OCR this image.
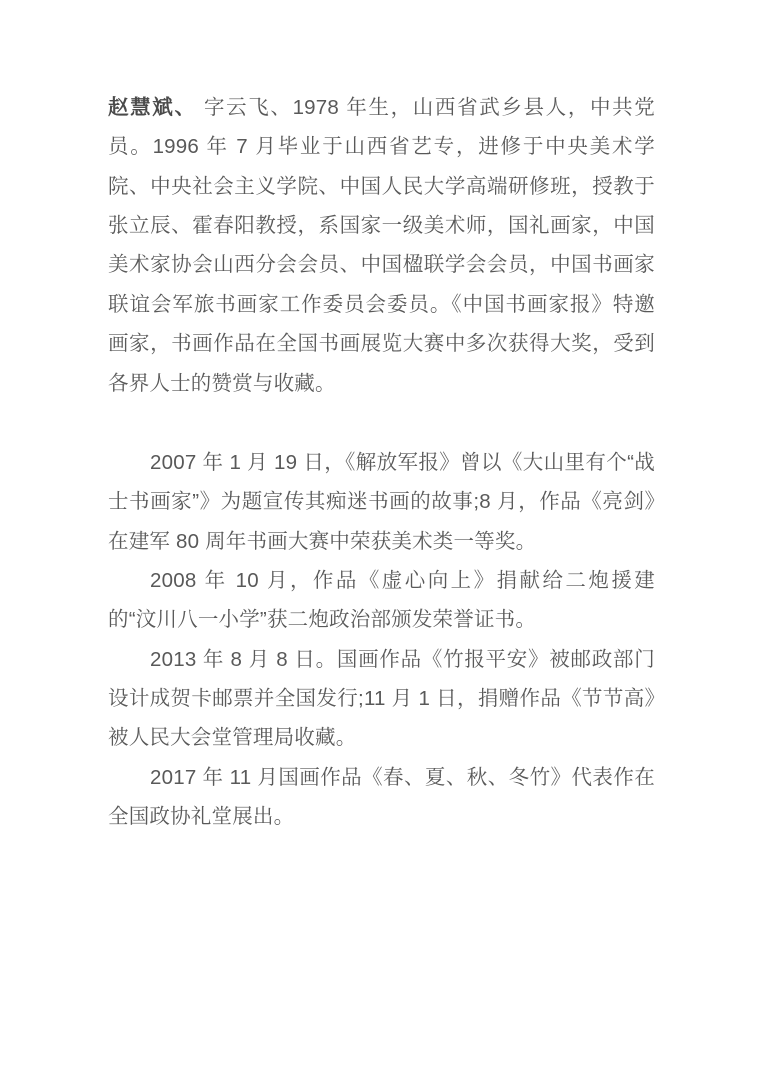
赵慧斌、 字云飞、1978 年生，山西省武乡县人，中共党员。1996 年 7 月毕业于山西省艺专，进修于中央美术学院、中央社会主义学院、中国人民大学高端研修班，授教于张立辰、霍春阳教授，系国家一级美术师，国礼画家，中国美术家协会山西分会会员、中国楹联学会会员，中国书画家联谊会军旅书画家工作委员会委员。《中国书画家报》特邀画家，书画作品在全国书画展览大赛中多次获得大奖，受到各界人士的赞赏与收藏。

2007 年 1 月 19 日，《解放军报》曾以《大山里有个“战士书画家”》为题宣传其痴迷书画的故事;8 月，作品《亮剑》在建军 80 周年书画大赛中荣获美术类一等奖。

2008 年 10 月，作品《虚心向上》捐献给二炮援建的“汶川八一小学”获二炮政治部颁发荣誉证书。

2013 年 8 月 8 日。国画作品《竹报平安》被邮政部门设计成贺卡邮票并全国发行;11 月 1 日，捐赠作品《节节高》被人民大会堂管理局收藏。

2017 年 11 月国画作品《春、夏、秋、冬竹》代表作在全国政协礼堂展出。
